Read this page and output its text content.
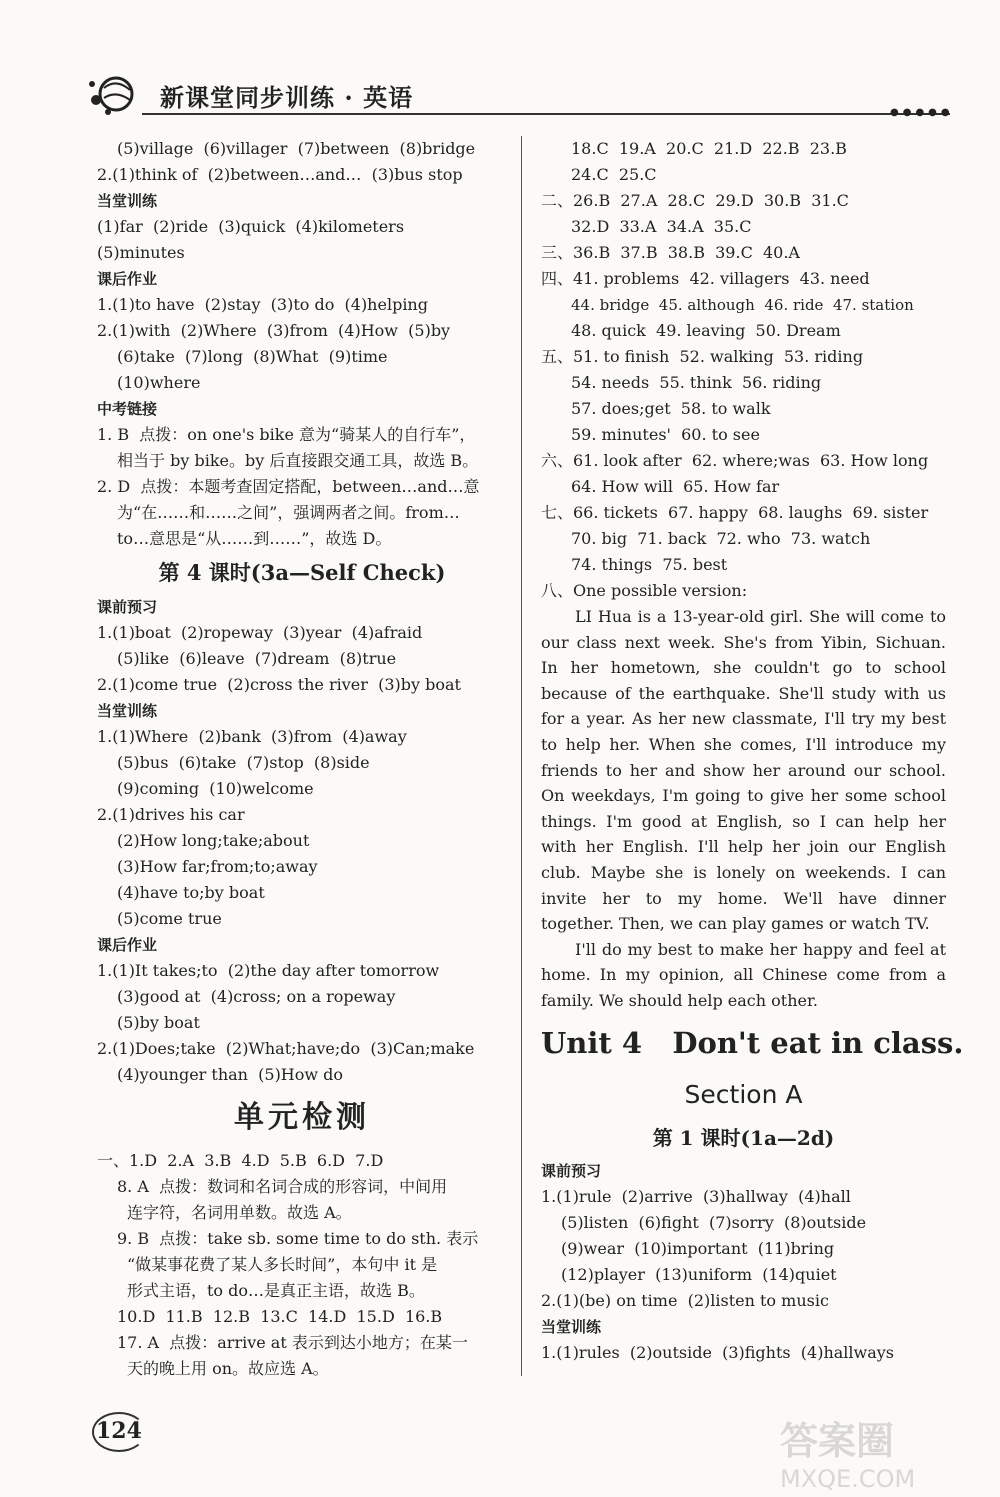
新课堂同步训练 · 英语
●●●●●
(5)village  (6)villager  (7)between  (8)bridge
2.(1)think of  (2)between…and…  (3)bus stop
当堂训练
(1)far  (2)ride  (3)quick  (4)kilometers
(5)minutes
课后作业
1.(1)to have  (2)stay  (3)to do  (4)helping
2.(1)with  (2)Where  (3)from  (4)How  (5)by
(6)take  (7)long  (8)What  (9)time
(10)where
中考链接
1. B  点拨：on one's bike 意为“骑某人的自行车”，
相当于 by bike。by 后直接跟交通工具，故选 B。
2. D  点拨：本题考查固定搭配，between…and…意
为“在……和……之间”，强调两者之间。from…
to…意思是“从……到……”，故选 D。
第 4 课时(3a—Self Check)
课前预习
1.(1)boat  (2)ropeway  (3)year  (4)afraid
(5)like  (6)leave  (7)dream  (8)true
2.(1)come true  (2)cross the river  (3)by boat
当堂训练
1.(1)Where  (2)bank  (3)from  (4)away
(5)bus  (6)take  (7)stop  (8)side
(9)coming  (10)welcome
2.(1)drives his car
(2)How long;take;about
(3)How far;from;to;away
(4)have to;by boat
(5)come true
课后作业
1.(1)It takes;to  (2)the day after tomorrow
(3)good at  (4)cross; on a ropeway
(5)by boat
2.(1)Does;take  (2)What;have;do  (3)Can;make
(4)younger than  (5)How do
单元检测
一、1.D  2.A  3.B  4.D  5.B  6.D  7.D
8. A  点拨：数词和名词合成的形容词，中间用
连字符，名词用单数。故选 A。
9. B  点拨：take sb. some time to do sth. 表示
“做某事花费了某人多长时间”，本句中 it 是
形式主语，to do…是真正主语，故选 B。
10.D  11.B  12.B  13.C  14.D  15.D  16.B
17. A  点拨：arrive at 表示到达小地方；在某一
天的晚上用 on。故应选 A。
18.C  19.A  20.C  21.D  22.B  23.B
24.C  25.C
二、26.B  27.A  28.C  29.D  30.B  31.C
32.D  33.A  34.A  35.C
三、36.B  37.B  38.B  39.C  40.A
四、41. problems  42. villagers  43. need
44. bridge  45. although  46. ride  47. station
48. quick  49. leaving  50. Dream
五、51. to finish  52. walking  53. riding
54. needs  55. think  56. riding
57. does;get  58. to walk
59. minutes'  60. to see
六、61. look after  62. where;was  63. How long
64. How will  65. How far
七、66. tickets  67. happy  68. laughs  69. sister
70. big  71. back  72. who  73. watch
74. things  75. best
八、One possible version:
LI Hua is a 13-year-old girl. She will come to our class next week. She's from Yibin, Sichuan. In her hometown, she couldn't go to school because of the earthquake. She'll study with us for a year. As her new classmate, I'll try my best to help her. When she comes, I'll introduce my friends to her and show her around our school. On weekdays, I'm going to give her some school things. I'm good at English, so I can help her with her English. I'll help her join our English club. Maybe she is lonely on weekends. I can invite her to my home. We'll have dinner together. Then, we can play games or watch TV.
I'll do my best to make her happy and feel at home. In my opinion, all Chinese come from a family. We should help each other.
Unit 4   Don't eat in class.
Section A
第 1 课时(1a—2d)
课前预习
1.(1)rule  (2)arrive  (3)hallway  (4)hall
(5)listen  (6)fight  (7)sorry  (8)outside
(9)wear  (10)important  (11)bring
(12)player  (13)uniform  (14)quiet
2.(1)(be) on time  (2)listen to music
当堂训练
1.(1)rules  (2)outside  (3)fights  (4)hallways
124	答案圈
MXQE.COM
